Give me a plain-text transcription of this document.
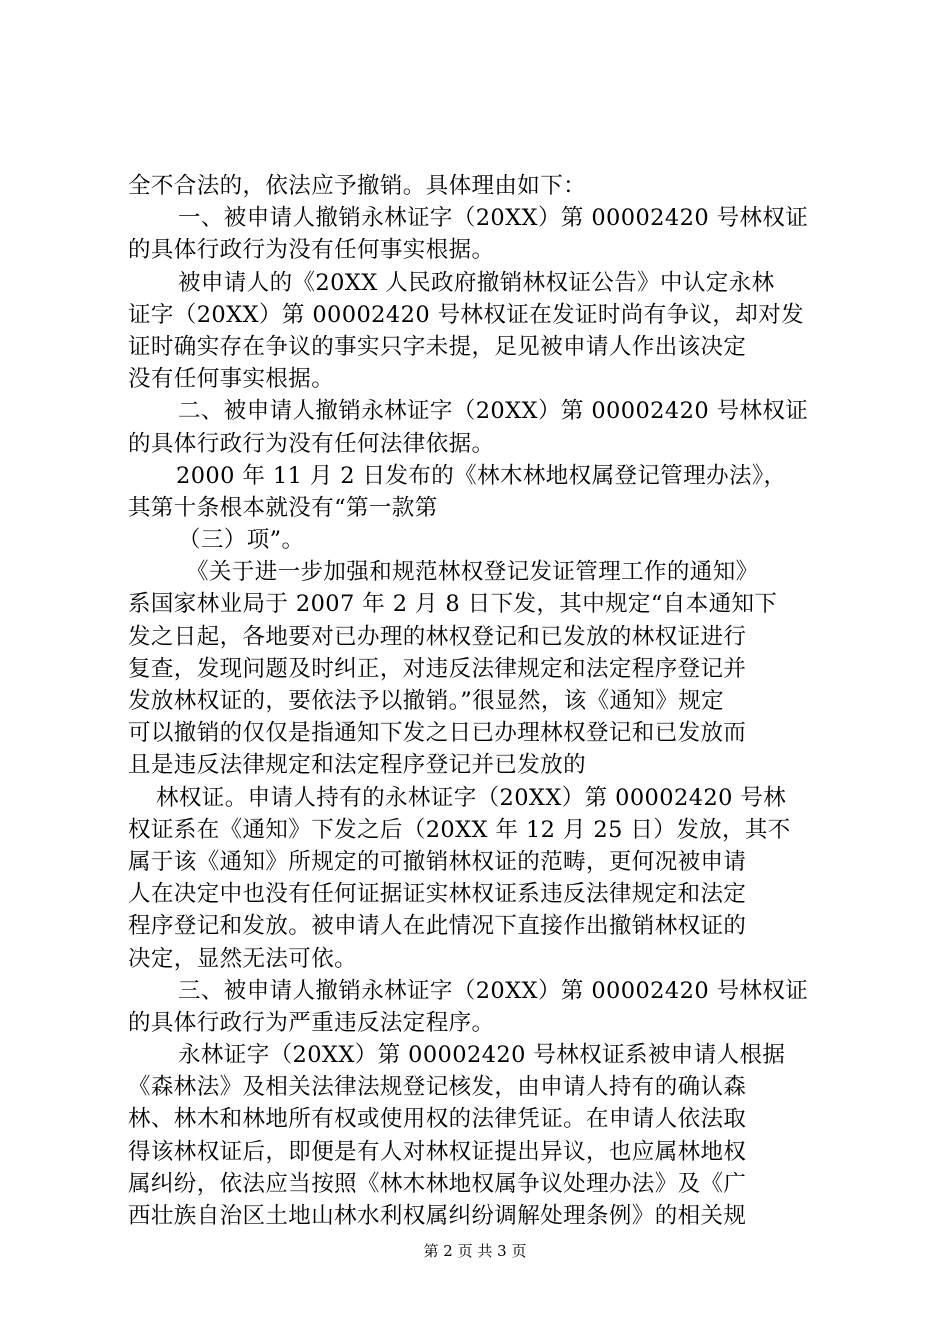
全不合法的，依法应予撤销。具体理由如下：
一、被申请人撤销永林证字（20XX）第 00002420 号林权证
的具体行政行为没有任何事实根据。
被申请人的《20XX 人民政府撤销林权证公告》中认定永林
证字（20XX）第 00002420 号林权证在发证时尚有争议，却对发
证时确实存在争议的事实只字未提，足见被申请人作出该决定
没有任何事实根据。
二、被申请人撤销永林证字（20XX）第 00002420 号林权证
的具体行政行为没有任何法律依据。
2000 年 11 月 2 日发布的《林木林地权属登记管理办法》，
其第十条根本就没有“第一款第
（三）项”。
《关于进一步加强和规范林权登记发证管理工作的通知》
系国家林业局于 2007 年 2 月 8 日下发，其中规定“自本通知下
发之日起，各地要对已办理的林权登记和已发放的林权证进行
复查，发现问题及时纠正，对违反法律规定和法定程序登记并
发放林权证的，要依法予以撤销。”很显然，该《通知》规定
可以撤销的仅仅是指通知下发之日已办理林权登记和已发放而
且是违反法律规定和法定程序登记并已发放的
林权证。申请人持有的永林证字（20XX）第 00002420 号林
权证系在《通知》下发之后（20XX 年 12 月 25 日）发放，其不
属于该《通知》所规定的可撤销林权证的范畴，更何况被申请
人在决定中也没有任何证据证实林权证系违反法律规定和法定
程序登记和发放。被申请人在此情况下直接作出撤销林权证的
决定，显然无法可依。
三、被申请人撤销永林证字（20XX）第 00002420 号林权证
的具体行政行为严重违反法定程序。
永林证字（20XX）第 00002420 号林权证系被申请人根据
《森林法》及相关法律法规登记核发，由申请人持有的确认森
林、林木和林地所有权或使用权的法律凭证。在申请人依法取
得该林权证后，即便是有人对林权证提出异议，也应属林地权
属纠纷，依法应当按照《林木林地权属争议处理办法》及《广
西壮族自治区土地山林水利权属纠纷调解处理条例》的相关规
第 2 页 共 3 页
